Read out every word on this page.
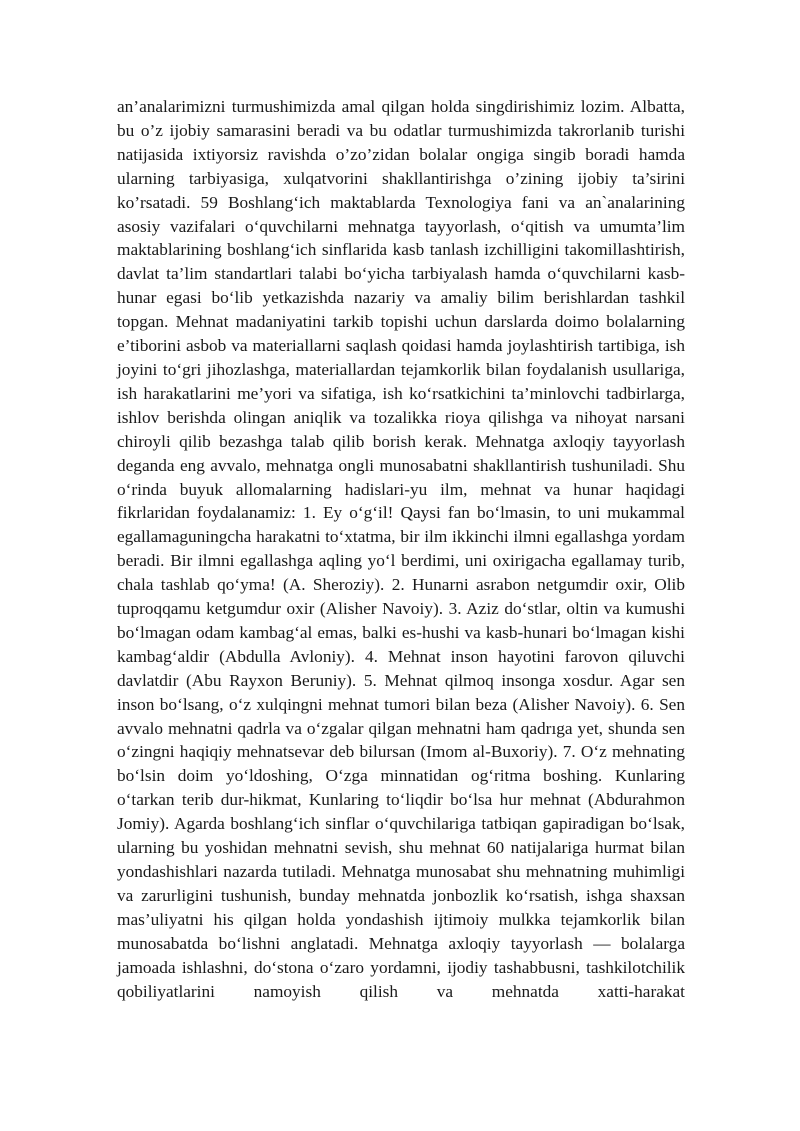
an’analarimizni turmushimizda amal qilgan holda singdirishimiz lozim. Albatta, bu o’z ijobiy samarasini beradi va bu odatlar turmushimizda takrorlanib turishi natijasida ixtiyorsiz ravishda o’zo’zidan bolalar ongiga singib boradi hamda ularning tarbiyasiga, xulqatvorini shakllantirishga o’zining ijobiy ta’sirini ko’rsatadi. 59 Boshlang‘ich maktablarda Texnologiya fani va an`analarining asosiy vazifalari o‘quvchilarni mehnatga tayyorlash, o‘qitish va umumta’lim maktablarining boshlang‘ich sinflarida kasb tanlash izchilligini takomillashtirish, davlat ta’lim standartlari talabi bo‘yicha tarbiyalash hamda o‘quvchilarni kasb-hunar egasi bo‘lib yetkazishda nazariy va amaliy bilim berishlardan tashkil topgan. Mehnat madaniyatini tarkib topishi uchun darslarda doimo bolalarning e’tiborini asbob va materiallarni saqlash qoidasi hamda joylashtirish tartibiga, ish joyini to‘gri jihozlashga, materiallardan tejamkorlik bilan foydalanish usullariga, ish harakatlarini me’yori va sifatiga, ish ko‘rsatkichini ta’minlovchi tadbirlarga, ishlov berishda olingan aniqlik va tozalikka rioya qilishga va nihoyat narsani chiroyli qilib bezashga talab qilib borish kerak. Mehnatga axloqiy tayyorlash deganda eng avvalo, mehnatga ongli munosabatni shakllantirish tushuniladi. Shu o‘rinda buyuk allomalarning hadislari-yu ilm, mehnat va hunar haqidagi fikrlaridan foydalanamiz: 1. Ey o‘g‘il! Qaysi fan bo‘lmasin, to uni mukammal egallamaguningcha harakatni to‘xtatma, bir ilm ikkinchi ilmni egallashga yordam beradi. Bir ilmni egallashga aqling yo‘l berdimi, uni oxirigacha egallamay turib, chala tashlab qo‘yma! (A. Sheroziy). 2. Hunarni asrabon netgumdir oxir, Olib tuproqqamu ketgumdur oxir (Alisher Navoiy). 3. Aziz do‘stlar, oltin va kumushi bo‘lmagan odam kambag‘al emas, balki es-hushi va kasb-hunari bo‘lmagan kishi kambag‘aldir (Abdulla Avloniy). 4. Mehnat inson hayotini farovon qiluvchi davlatdir (Abu Rayxon Beruniy). 5. Mehnat qilmoq insonga xosdur. Agar sen inson bo‘lsang, o‘z xulqingni mehnat tumori bilan beza (Alisher Navoiy). 6. Sen avvalo mehnatni qadrla va o‘zgalar qilgan mehnatni ham qadrıga yet, shunda sen o‘zingni haqiqiy mehnatsevar deb bilursan (Imom al-Buxoriy). 7. O‘z mehnating bo‘lsin doim yo‘ldoshing, O‘zga minnatidan og‘ritma boshing. Kunlaring o‘tarkan terib dur-hikmat, Kunlaring to‘liqdir bo‘lsa hur mehnat (Abdurahmon Jomiy). Agarda boshlang‘ich sinflar o‘quvchilariga tatbiqan gapiradigan bo‘lsak, ularning bu yoshidan mehnatni sevish, shu mehnat 60 natijalariga hurmat bilan yondashishlari nazarda tutiladi. Mehnatga munosabat shu mehnatning muhimligi va zarurligini tushunish, bunday mehnatda jonbozlik ko‘rsatish, ishga shaxsan mas’uliyatni his qilgan holda yondashish ijtimoiy mulkka tejamkorlik bilan munosabatda bo‘lishni anglatadi. Mehnatga axloqiy tayyorlash — bolalarga jamoada ishlashni, do‘stona o‘zaro yordamni, ijodiy tashabbusni, tashkilotchilik qobiliyatlarini namoyish qilish va mehnatda xatti-harakat
